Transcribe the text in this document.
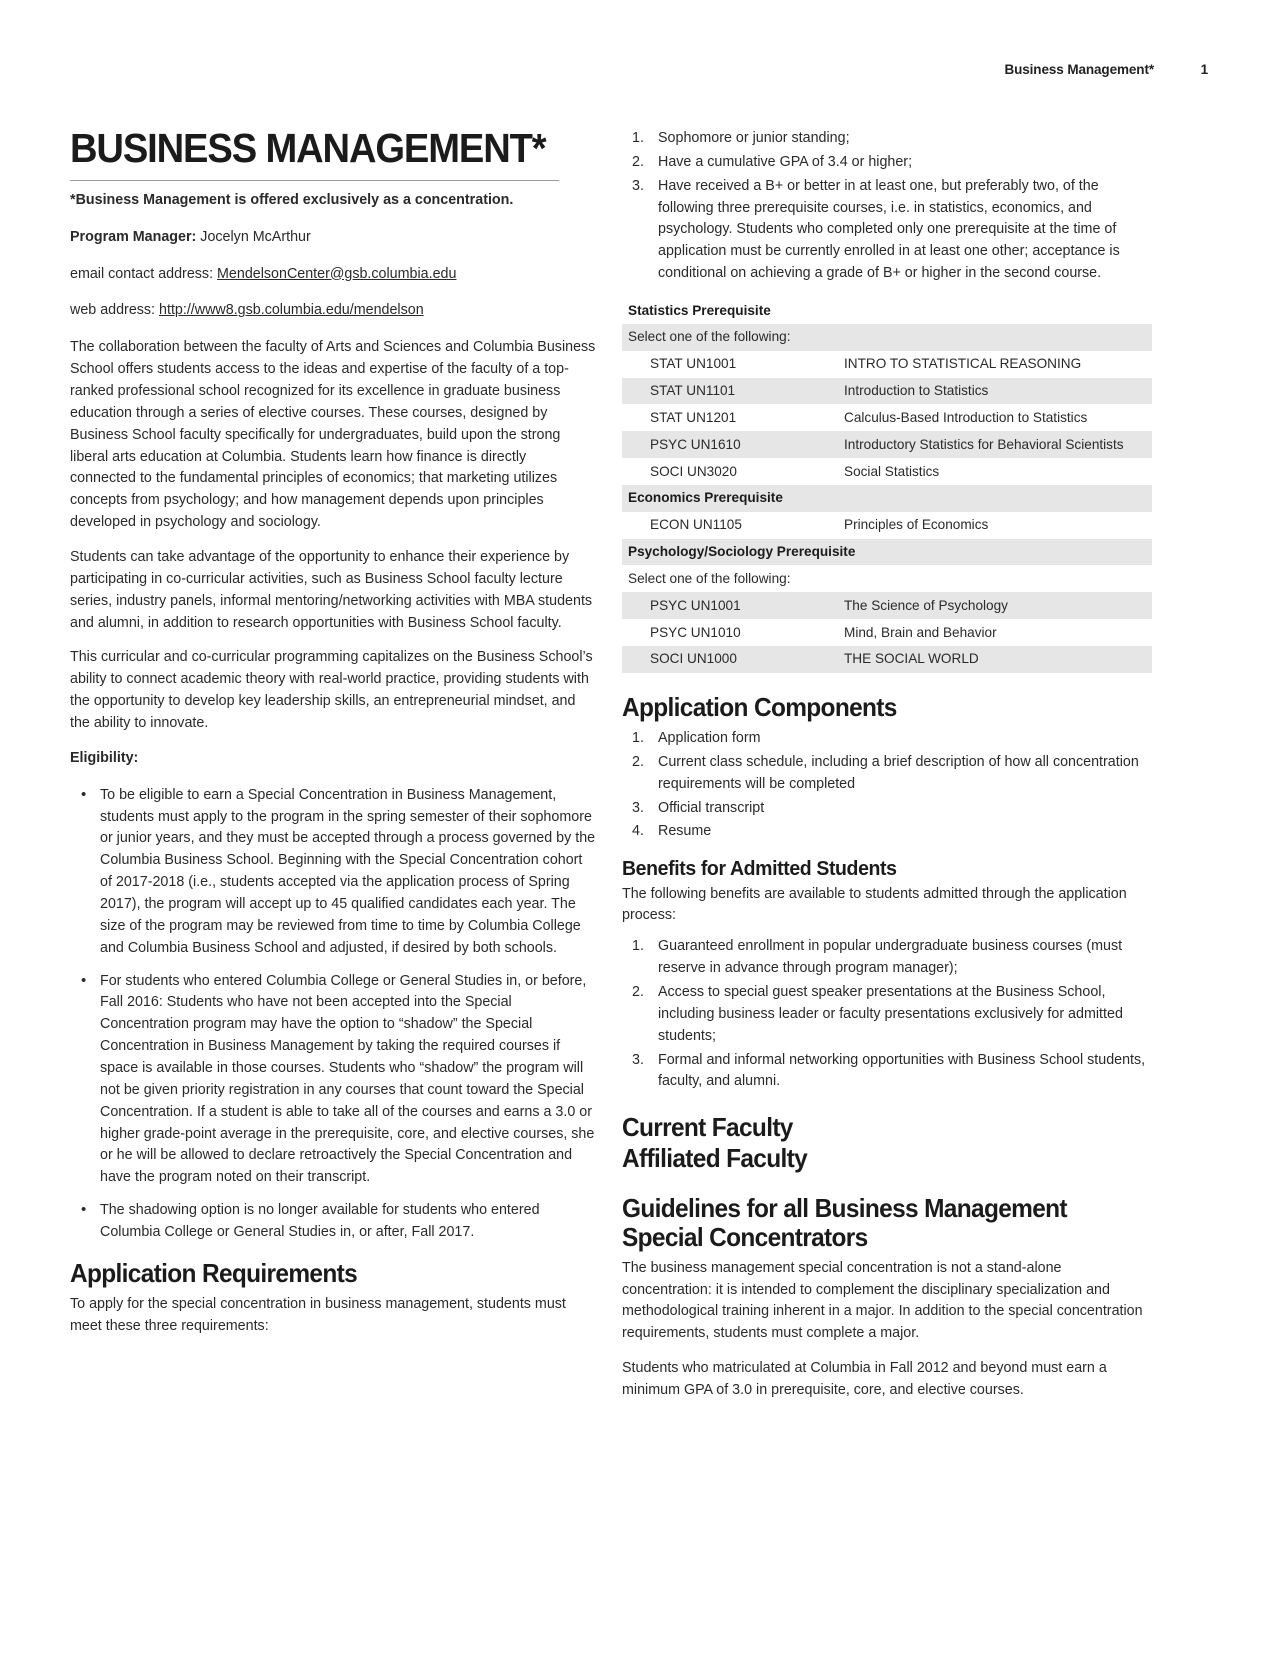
Business Management*	1
BUSINESS MANAGEMENT*

*Business Management is offered exclusively as a concentration.

Program Manager: Jocelyn McArthur

email contact address: MendelsonCenter@gsb.columbia.edu

web address: http://www8.gsb.columbia.edu/mendelson

The collaboration between the faculty of Arts and Sciences and Columbia Business School offers students access to the ideas and expertise of the faculty of a top-ranked professional school recognized for its excellence in graduate business education through a series of elective courses. These courses, designed by Business School faculty specifically for undergraduates, build upon the strong liberal arts education at Columbia. Students learn how finance is directly connected to the fundamental principles of economics; that marketing utilizes concepts from psychology; and how management depends upon principles developed in psychology and sociology.

Students can take advantage of the opportunity to enhance their experience by participating in co-curricular activities, such as Business School faculty lecture series, industry panels, informal mentoring/networking activities with MBA students and alumni, in addition to research opportunities with Business School faculty.

This curricular and co-curricular programming capitalizes on the Business School’s ability to connect academic theory with real-world practice, providing students with the opportunity to develop key leadership skills, an entrepreneurial mindset, and the ability to innovate.

Eligibility:

• To be eligible to earn a Special Concentration in Business Management, students must apply to the program in the spring semester of their sophomore or junior years, and they must be accepted through a process governed by the Columbia Business School. Beginning with the Special Concentration cohort of 2017-2018 (i.e., students accepted via the application process of Spring 2017), the program will accept up to 45 qualified candidates each year. The size of the program may be reviewed from time to time by Columbia College and Columbia Business School and adjusted, if desired by both schools.
• For students who entered Columbia College or General Studies in, or before, Fall 2016: Students who have not been accepted into the Special Concentration program may have the option to “shadow” the Special Concentration in Business Management by taking the required courses if space is available in those courses. Students who “shadow” the program will not be given priority registration in any courses that count toward the Special Concentration. If a student is able to take all of the courses and earns a 3.0 or higher grade-point average in the prerequisite, core, and elective courses, she or he will be allowed to declare retroactively the Special Concentration and have the program noted on their transcript.
• The shadowing option is no longer available for students who entered Columbia College or General Studies in, or after, Fall 2017.
Application Requirements

To apply for the special concentration in business management, students must meet these three requirements:

Sophomore or junior standing;
Have a cumulative GPA of 3.4 or higher;
Have received a B+ or better in at least one, but preferably two, of the following three prerequisite courses, i.e. in statistics, economics, and psychology. Students who completed only one prerequisite at the time of application must be currently enrolled in at least one other; acceptance is conditional on achieving a grade of B+ or higher in the second course.
Statistics Prerequisite	
Select one of the following:	
STAT UN1001	INTRO TO STATISTICAL REASONING
STAT UN1101	Introduction to Statistics
STAT UN1201	Calculus-Based Introduction to Statistics
PSYC UN1610	Introductory Statistics for Behavioral Scientists
SOCI UN3020	Social Statistics
Economics Prerequisite	
ECON UN1105	Principles of Economics
Psychology/Sociology Prerequisite	
Select one of the following:	
PSYC UN1001	The Science of Psychology
PSYC UN1010	Mind, Brain and Behavior
SOCI UN1000	THE SOCIAL WORLD
Application Components
Application form
Current class schedule, including a brief description of how all concentration requirements will be completed
Official transcript
Resume
Benefits for Admitted Students

The following benefits are available to students admitted through the application process:

Guaranteed enrollment in popular undergraduate business courses (must reserve in advance through program manager);
Access to special guest speaker presentations at the Business School, including business leader or faculty presentations exclusively for admitted students;
Formal and informal networking opportunities with Business School students, faculty, and alumni.
Current Faculty
Affiliated Faculty
Guidelines for all Business Management Special Concentrators

The business management special concentration is not a stand-alone concentration: it is intended to complement the disciplinary specialization and methodological training inherent in a major. In addition to the special concentration requirements, students must complete a major.

Students who matriculated at Columbia in Fall 2012 and beyond must earn a minimum GPA of 3.0 in prerequisite, core, and elective courses.
